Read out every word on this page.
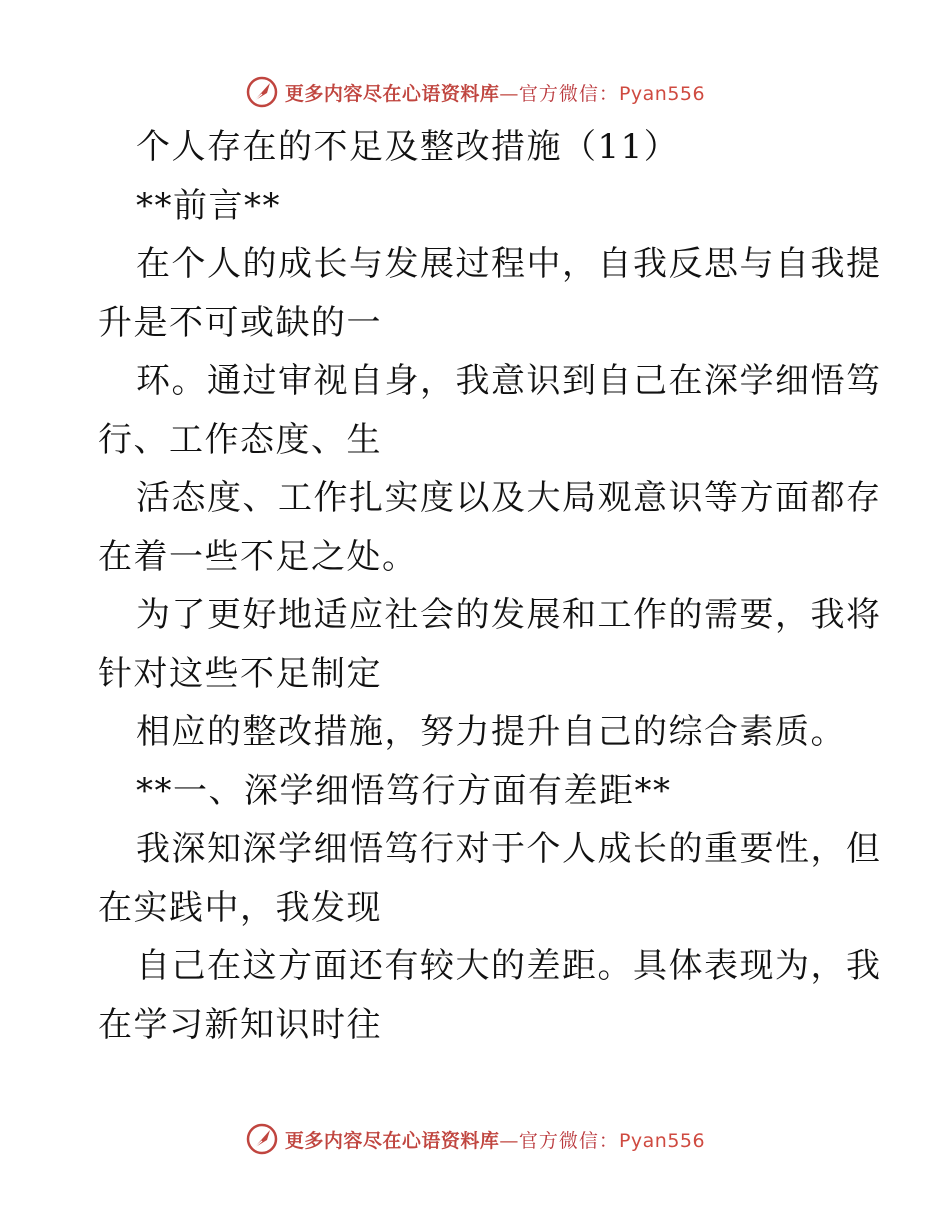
更多内容尽在心语资料库—官方微信：Pyan556
个人存在的不足及整改措施（11）
**前言**
在个人的成长与发展过程中，自我反思与自我提
升是不可或缺的一
环。通过审视自身，我意识到自己在深学细悟笃
行、工作态度、生
活态度、工作扎实度以及大局观意识等方面都存
在着一些不足之处。
为了更好地适应社会的发展和工作的需要，我将
针对这些不足制定
相应的整改措施，努力提升自己的综合素质。
**一、深学细悟笃行方面有差距**
我深知深学细悟笃行对于个人成长的重要性，但
在实践中，我发现
自己在这方面还有较大的差距。具体表现为，我
在学习新知识时往
更多内容尽在心语资料库—官方微信：Pyan556
